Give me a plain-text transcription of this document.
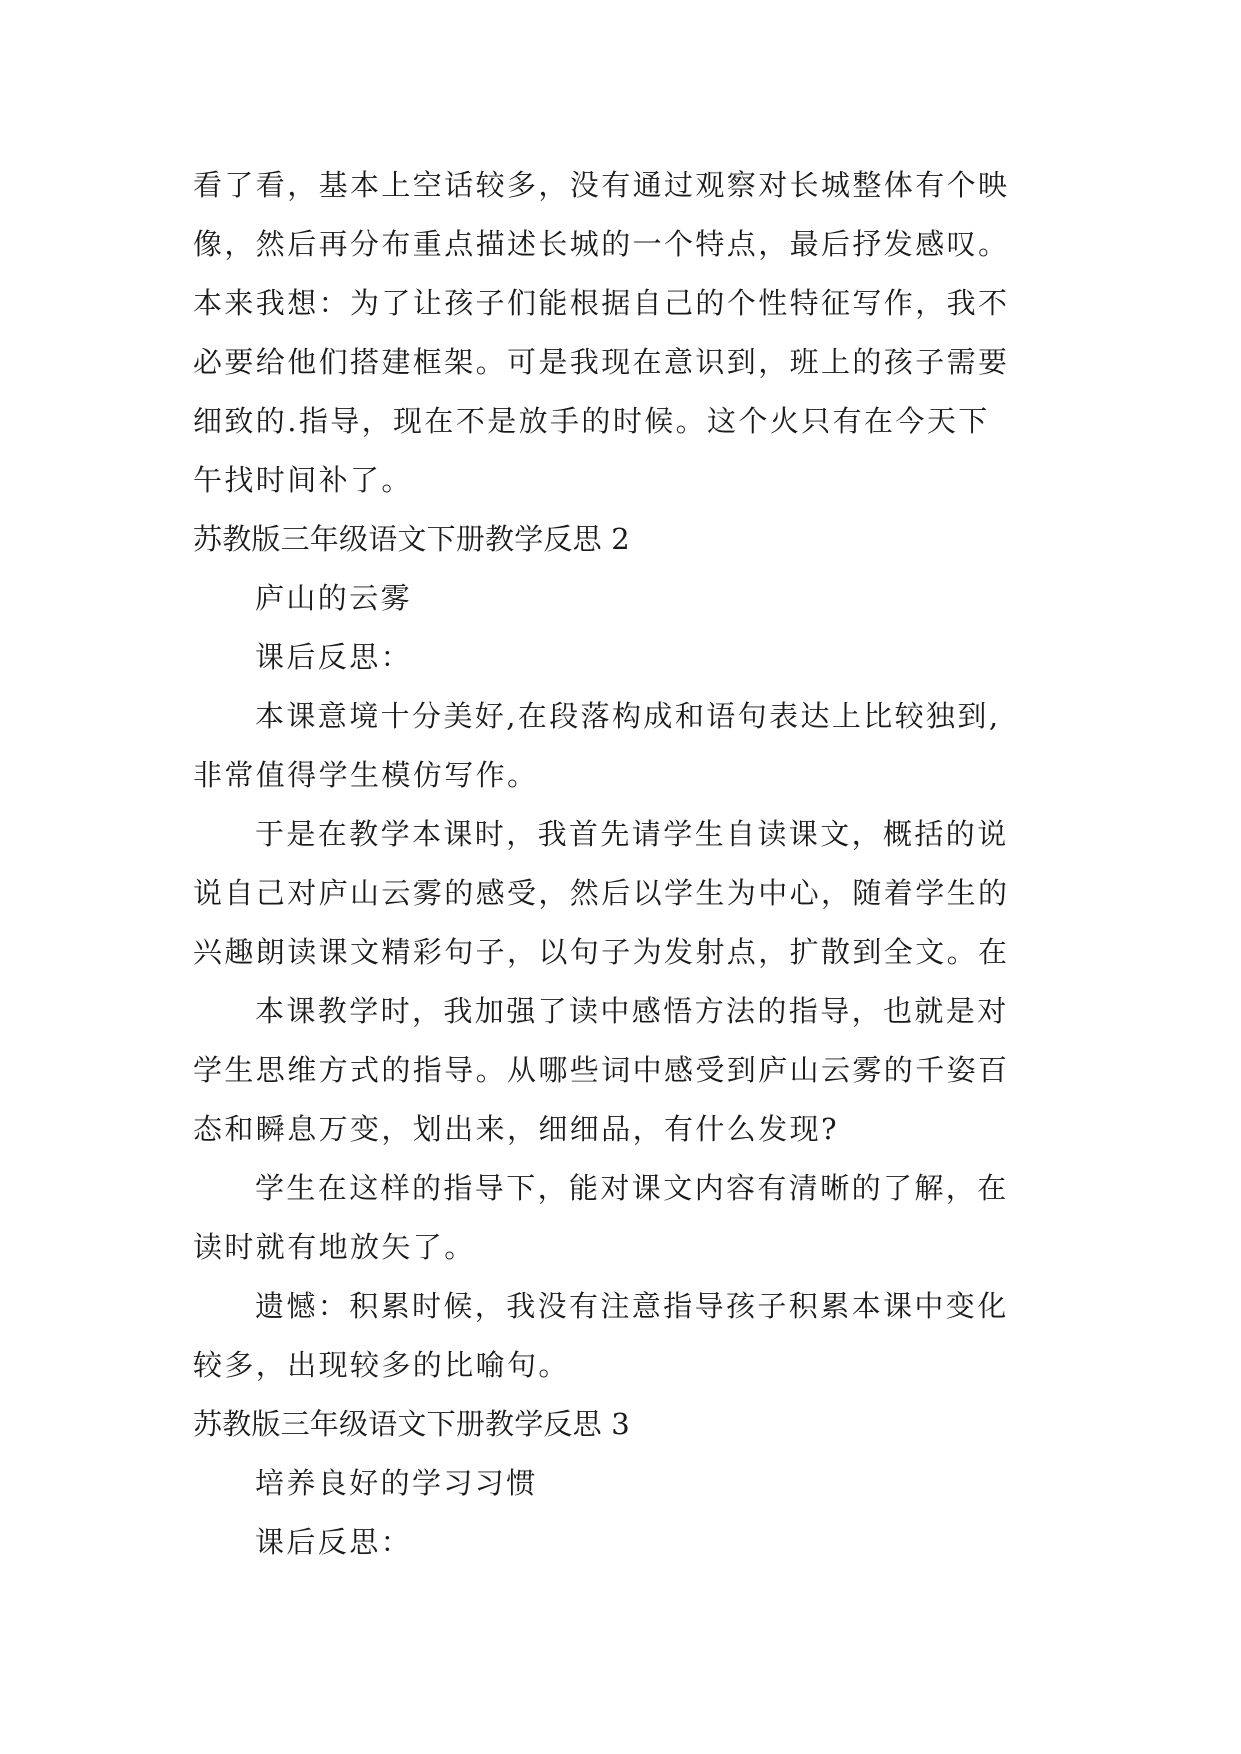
看了看，基本上空话较多，没有通过观察对长城整体有个映
像，然后再分布重点描述长城的一个特点，最后抒发感叹。
本来我想：为了让孩子们能根据自己的个性特征写作，我不
必要给他们搭建框架。可是我现在意识到，班上的孩子需要
细致的.指导，现在不是放手的时候。这个火只有在今天下
午找时间补了。
苏教版三年级语文下册教学反思 2
庐山的云雾
课后反思：
本课意境十分美好,在段落构成和语句表达上比较独到,
非常值得学生模仿写作。
于是在教学本课时，我首先请学生自读课文，概括的说
说自己对庐山云雾的感受，然后以学生为中心，随着学生的
兴趣朗读课文精彩句子，以句子为发射点，扩散到全文。在
本课教学时，我加强了读中感悟方法的指导，也就是对
学生思维方式的指导。从哪些词中感受到庐山云雾的千姿百
态和瞬息万变，划出来，细细品，有什么发现?
学生在这样的指导下，能对课文内容有清晰的了解，在
读时就有地放矢了。
遗憾：积累时候，我没有注意指导孩子积累本课中变化
较多，出现较多的比喻句。
苏教版三年级语文下册教学反思 3
培养良好的学习习惯
课后反思：
